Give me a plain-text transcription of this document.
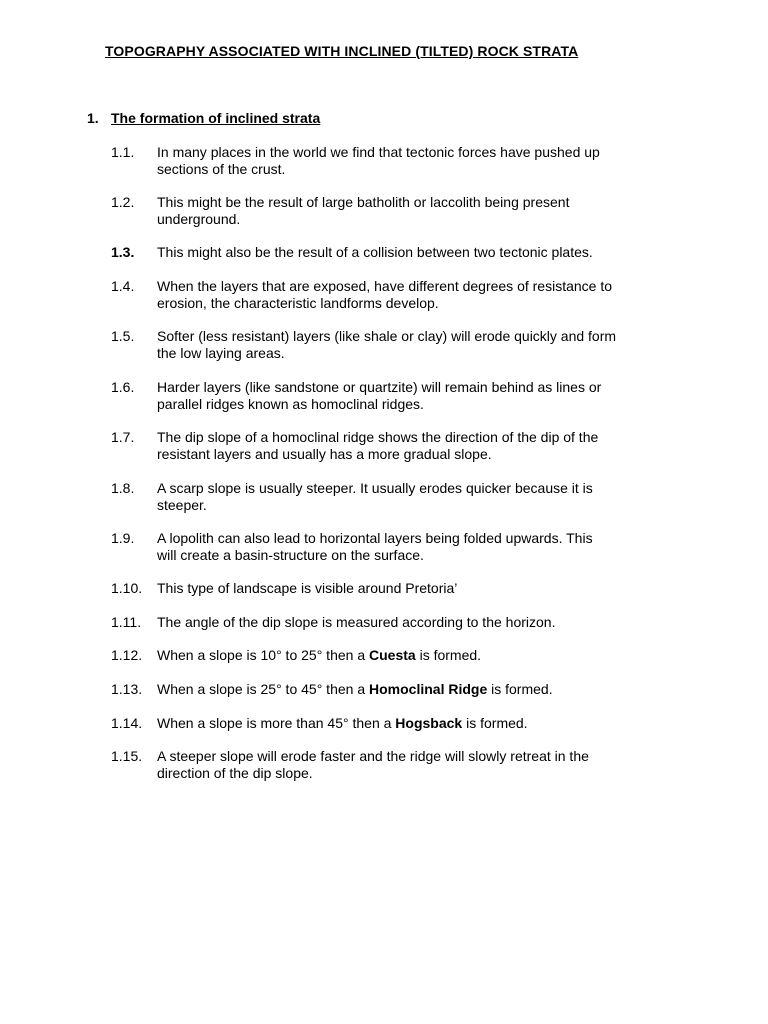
TOPOGRAPHY ASSOCIATED WITH INCLINED (TILTED) ROCK STRATA
1. The formation of inclined strata
1.1.	In many places in the world we find that tectonic forces have pushed up
sections of the crust.
1.2.	This might be the result of large batholith or laccolith being present
underground.
1.3.	This might also be the result of a collision between two tectonic plates.
1.4.	When the layers that are exposed, have different degrees of resistance to
erosion, the characteristic landforms develop.
1.5.	Softer (less resistant) layers (like shale or clay) will erode quickly and form
the low laying areas.
1.6.	Harder layers (like sandstone or quartzite) will remain behind as lines or
parallel ridges known as homoclinal ridges.
1.7.	The dip slope of a homoclinal ridge shows the direction of the dip of the
resistant layers and usually has a more gradual slope.
1.8.	A scarp slope is usually steeper. It usually erodes quicker because it is
steeper.
1.9.	A lopolith can also lead to horizontal layers being folded upwards. This
will create a basin-structure on the surface.
1.10.	This type of landscape is visible around Pretoria’
1.11.	The angle of the dip slope is measured according to the horizon.
1.12.	When a slope is 10° to 25° then a Cuesta is formed.
1.13.	When a slope is 25° to 45° then a Homoclinal Ridge is formed.
1.14.	When a slope is more than 45° then a Hogsback is formed.
1.15.	A steeper slope will erode faster and the ridge will slowly retreat in the
direction of the dip slope.
